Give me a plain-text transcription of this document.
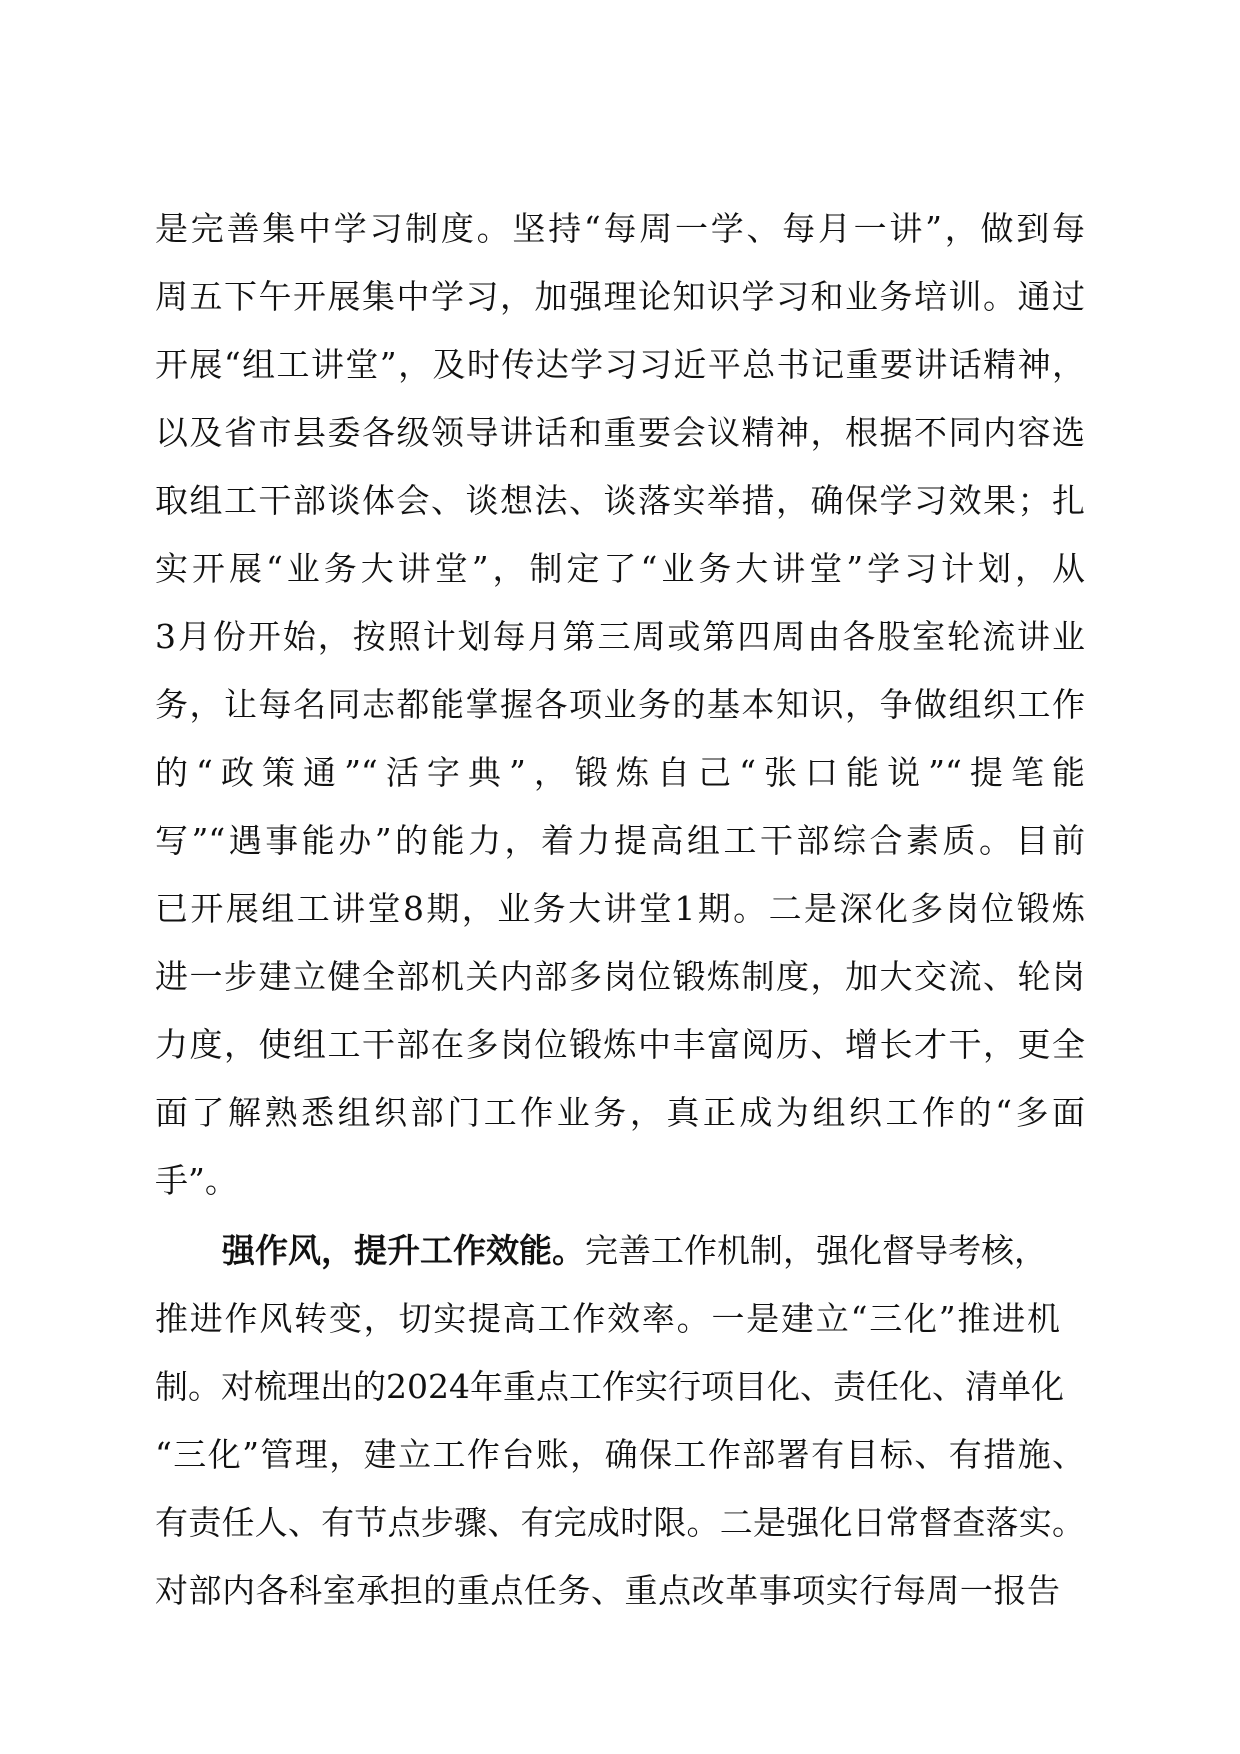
是完善集中学习制度。坚持“每周一学、每月一讲”，做到每
周五下午开展集中学习，加强理论知识学习和业务培训。通过
开展“组工讲堂”，及时传达学习习近平总书记重要讲话精神，
以及省市县委各级领导讲话和重要会议精神，根据不同内容选
取组工干部谈体会、谈想法、谈落实举措，确保学习效果；扎
实开展“业务大讲堂”，制定了“业务大讲堂”学习计划，从
3月份开始，按照计划每月第三周或第四周由各股室轮流讲业
务，让每名同志都能掌握各项业务的基本知识，争做组织工作
的“政策通”“活字典”，锻炼自己“张口能说”“提笔能
写”“遇事能办”的能力，着力提高组工干部综合素质。目前
已开展组工讲堂8期，业务大讲堂1期。二是深化多岗位锻炼
进一步建立健全部机关内部多岗位锻炼制度，加大交流、轮岗
力度，使组工干部在多岗位锻炼中丰富阅历、增长才干，更全
面了解熟悉组织部门工作业务，真正成为组织工作的“多面
手”。
强作风，提升工作效能。完善工作机制，强化督导考核，
推进作风转变，切实提高工作效率。一是建立“三化”推进机
制。对梳理出的2024年重点工作实行项目化、责任化、清单化
“三化”管理，建立工作台账，确保工作部署有目标、有措施、
有责任人、有节点步骤、有完成时限。二是强化日常督查落实。
对部内各科室承担的重点任务、重点改革事项实行每周一报告
